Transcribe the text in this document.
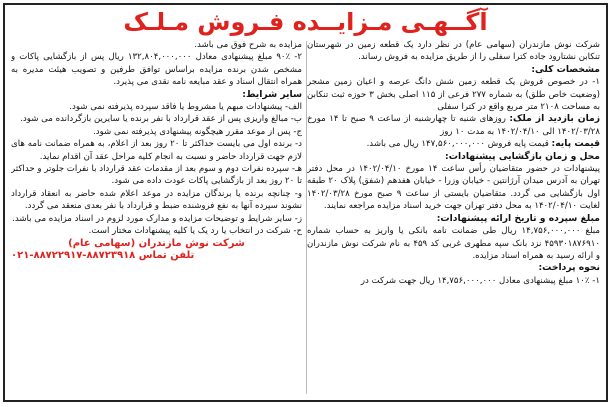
آگــهـی مـزایــده فـروش مـلـک

شرکت نوش مازندران (سهامی عام) در نظر دارد یک قطعه زمین در شهرستان تنکابن نشتارود جاده کترا سفلی را از طریق مزایده به فروش رساند.

مشخصات کلی:

۱- در خصوص فروش یک قطعه زمین شش دانگ عرصه و اعیان زمین مشجر (وضعیت خاص طلق) به شماره ۲۷۷ فرعی از ۱۱۵ اصلی بخش ۳ حوزه ثبت تنکابن به مساحت ۲۱۰۸ متر مربع واقع در کترا سفلی

زمان بازدید از ملک: روزهای شنبه تا چهارشنبه از ساعت ۹ صبح تا ۱۴ مورخ ۱۴۰۲/۰۳/۲۸ الی ۱۴۰۲/۰۴/۱۰ به مدت ۱۰ روز

قیمت پایه: قیمت پایه فروش ۱۴۷,۵۶۰,۰۰۰,۰۰۰ ریال می باشد.

محل و زمان بازگشایی پیشنهادات:

پیشنهادات در حضور متقاضیان رأس ساعت ۱۴ مورخ ۱۴۰۲/۰۴/۱۰ در محل دفتر تهران به آدرس میدان آرژانتین - خیابان وزرا - خیابان هفدهم (شفق) پلاک ۲۰ طبقه اول بازگشایی می گردد. متقاضیان بایستی از ساعت ۹ صبح مورخ ۱۴۰۲/۰۳/۲۸ لغایت ۱۴۰۲/۰۴/۱۰ به محل دفتر تهران جهت خرید اسناد مزایده مراجعه نمایند.

مبلغ سپرده و تاریخ ارائه پیشنهادات:

مبلغ ۱۴,۷۵۶,۰۰۰,۰۰۰ ریال طی ضمانت نامه بانکی یا واریز به حساب شماره ۴۵۹۳۰۱۸۷۶۹۱۰ نزد بانک سپه مطهری غربی کد ۴۵۹ به نام شرکت نوش مازندران و ارائه رسید به همراه اسناد مزایده.

نحوه پرداخت:

۱- ۱۰٪ مبلغ پیشنهادی معادل ۱۴,۷۵۶,۰۰۰,۰۰۰ ریال جهت شرکت در

مزایده به شرح فوق می باشد.

۲- ۹۰٪ مبلغ پیشنهادی معادل ۱۳۲,۸۰۴,۰۰۰,۰۰۰ ریال پس از بازگشایی پاکات و مشخص شدن برنده مزایده براساس توافق طرفین و تصویب هیئت مدیره به همراه انتقال اسناد و عقد مبایعه نامه نقدی می پذیرد.

سایر شرایط:

الف- پیشنهادات مبهم یا مشروط یا فاقد سپرده پذیرفته نمی شود.

ب- مبالغ واریزی پس از عقد قرارداد با نفر برنده یا سایرین بازگردانده می شود.

ج- پس از موعد مقرر هیچگونه پیشنهادی پذیرفته نمی شود.

د- برنده اول می بایست حداکثر تا ۲۰ روز بعد از اعلام، به همراه ضمانت نامه های لازم جهت قرارداد حاضر و نسبت به انجام کلیه مراحل عقد آن اقدام نماید.

هـ- سپرده نفرات دوم و سوم بعد از مقدمات عقد قرارداد با نفرات جلوتر و حداکثر تا ۲۰ روز بعد از بازگشایی پاکات عودت داده می شود.

و- چنانچه برنده یا برندگان مزایده در موعد اعلام شده حاضر به انعقاد قرارداد نشوند سپرده آنها به نفع فروشنده ضبط و قرارداد با نفر بعدی منعقد می گردد.

ز- سایر شرایط و توضیحات مزایده و مدارک مورد لزوم در اسناد مزایده می باشد.

ح- شرکت در انتخاب یا رد یک یا کلیه پیشنهادات مختار است.

شرکت نوش مازندران (سهامی عام)

تلفن تماس ۸۸۷۲۳۹۱۸-۸۸۷۲۲۹۱۷-۰۲۱
